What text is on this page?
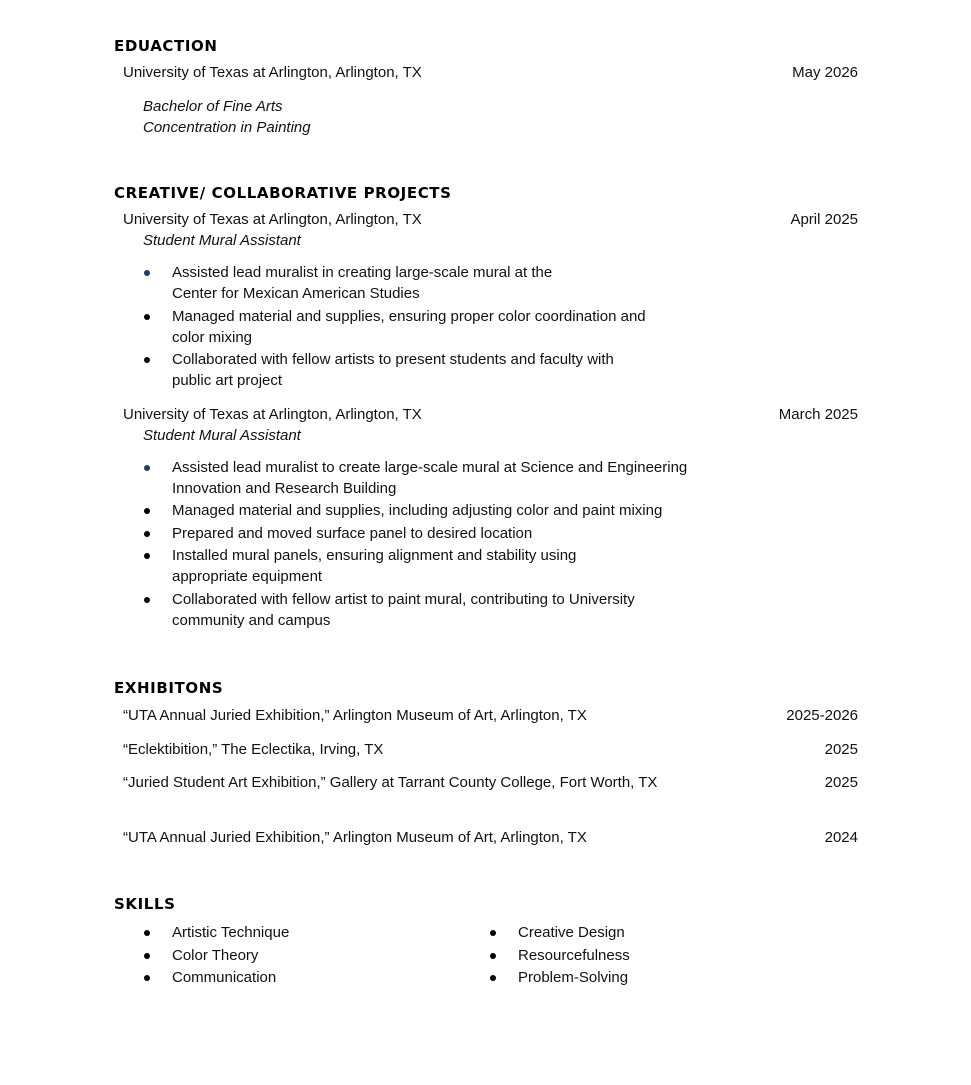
EDUACTION
University of Texas at Arlington, Arlington, TX	May 2026
Bachelor of Fine Arts
Concentration in Painting
CREATIVE/ COLLABORATIVE PROJECTS
University of Texas at Arlington, Arlington, TX	April 2025
Student Mural Assistant
Assisted lead muralist in creating large-scale mural at the
Center for Mexican American Studies
Managed material and supplies, ensuring proper color coordination and
color mixing
Collaborated with fellow artists to present students and faculty with
public art project
University of Texas at Arlington, Arlington, TX	March 2025
Student Mural Assistant
Assisted lead muralist to create large-scale mural at Science and Engineering
Innovation and Research Building
Managed material and supplies, including adjusting color and paint mixing
Prepared and moved surface panel to desired location
Installed mural panels, ensuring alignment and stability using
appropriate equipment
Collaborated with fellow artist to paint mural, contributing to University
community and campus
EXHIBITONS
“UTA Annual Juried Exhibition,” Arlington Museum of Art, Arlington, TX	2025-2026
“Eclektibition,” The Eclectika, Irving, TX	2025
“Juried Student Art Exhibition,” Gallery at Tarrant County College, Fort Worth, TX	2025
“UTA Annual Juried Exhibition,” Arlington Museum of Art, Arlington, TX	2024
SKILLS
Artistic Technique
Color Theory
Communication
Creative Design
Resourcefulness
Problem-Solving
